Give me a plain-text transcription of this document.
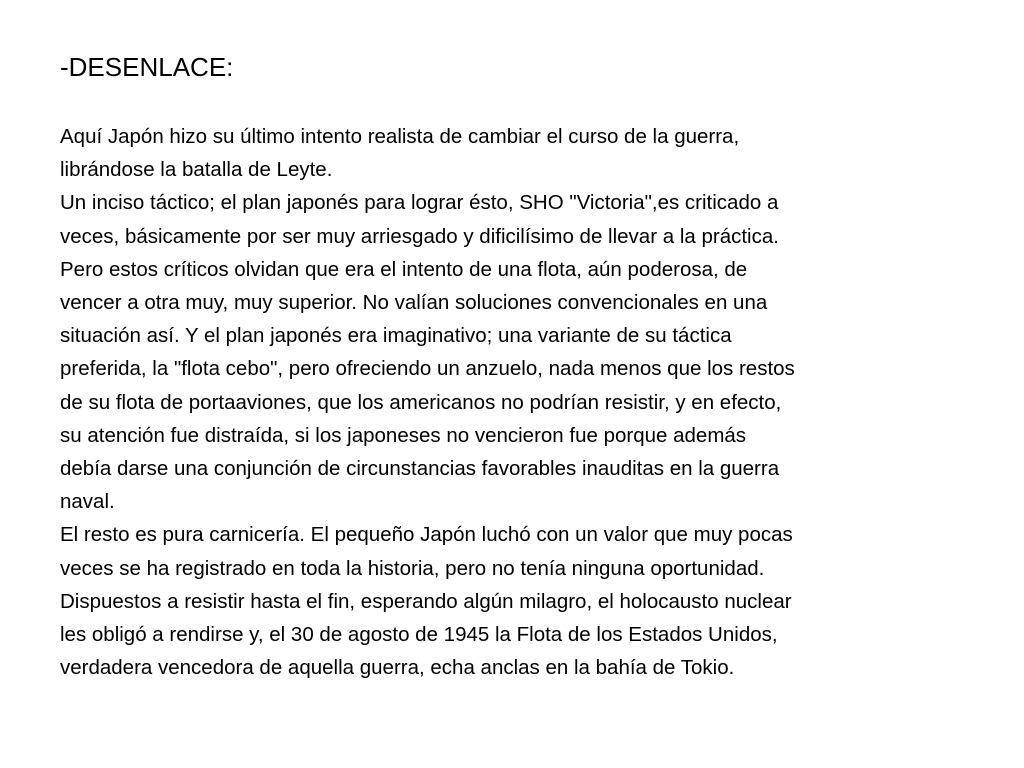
-DESENLACE:
Aquí Japón hizo su último intento realista de cambiar el curso de la guerra,
librándose la batalla de Leyte.
Un inciso táctico; el plan japonés para lograr ésto, SHO "Victoria",es criticado a
veces, básicamente por ser muy arriesgado y dificilísimo de llevar a la práctica.
Pero estos críticos olvidan que era el intento de una flota, aún poderosa, de
vencer a otra muy, muy superior. No valían soluciones convencionales en una
situación así. Y el plan japonés era imaginativo; una variante de su táctica
preferida, la "flota cebo", pero ofreciendo un anzuelo, nada menos que los restos
de su flota de portaaviones, que los americanos no podrían resistir, y en efecto,
su atención fue distraída, si los japoneses no vencieron fue porque además
debía darse una conjunción de circunstancias favorables inauditas en la guerra
naval.
El resto es pura carnicería. El pequeño Japón luchó con un valor que muy pocas
veces se ha registrado en toda la historia, pero no tenía ninguna oportunidad.
Dispuestos a resistir hasta el fin, esperando algún milagro, el holocausto nuclear
les obligó a rendirse y, el 30 de agosto de 1945 la Flota de los Estados Unidos,
verdadera vencedora de aquella guerra, echa anclas en la bahía de Tokio.
